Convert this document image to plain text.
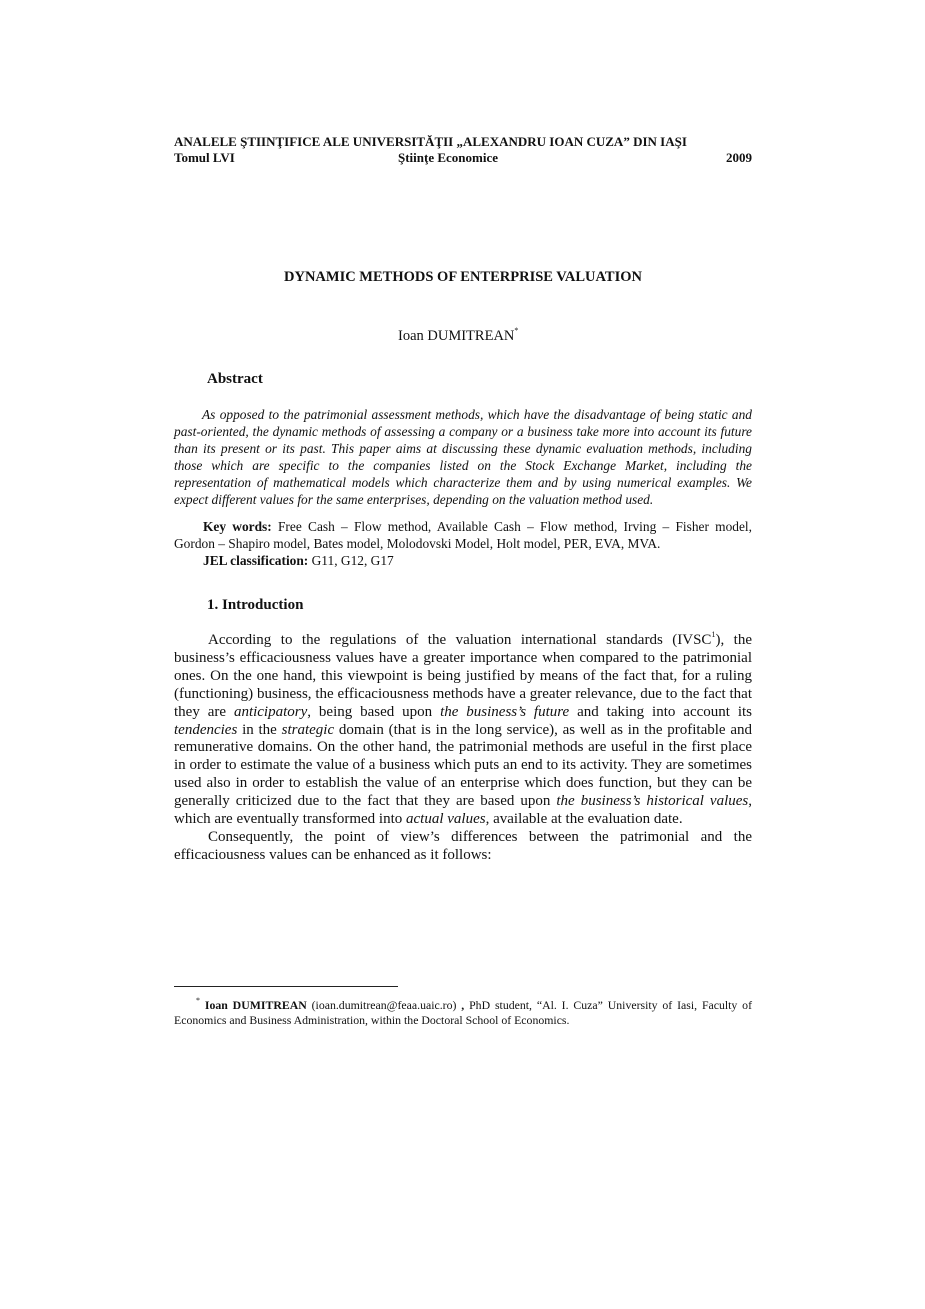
ANALELE ŞTIINŢIFICE ALE UNIVERSITĂŢII „ALEXANDRU IOAN CUZA” DIN IAŞI
Tomul LVI	Ştiinţe Economice	2009
DYNAMIC METHODS OF ENTERPRISE VALUATION
Ioan DUMITREAN*
Abstract
As opposed to the patrimonial assessment methods, which have the disadvantage of being static and past-oriented, the dynamic methods of assessing a company or a business take more into account its future than its present or its past. This paper aims at discussing these dynamic evaluation methods, including those which are specific to the companies listed on the Stock Exchange Market, including the representation of mathematical models which characterize them and by using numerical examples. We expect different values for the same enterprises, depending on the valuation method used.

Key words: Free Cash – Flow method, Available Cash – Flow method, Irving – Fisher model, Gordon – Shapiro model, Bates model, Molodovski Model, Holt model, PER, EVA, MVA.

JEL classification: G11, G12, G17

1. Introduction

According to the regulations of the valuation international standards (IVSC$^1$), the business’s efficaciousness values have a greater importance when compared to the patrimonial ones. On the one hand, this viewpoint is being justified by means of the fact that, for a ruling (functioning) business, the efficaciousness methods have a greater relevance, due to the fact that they are anticipatory, being based upon the business’s future and taking into account its tendencies in the strategic domain (that is in the long service), as well as in the profitable and remunerative domains. On the other hand, the patrimonial methods are useful in the first place in order to estimate the value of a business which puts an end to its activity. They are sometimes used also in order to establish the value of an enterprise which does function, but they can be generally criticized due to the fact that they are based upon the business’s historical values, which are eventually transformed into actual values, available at the evaluation date.

Consequently, the point of view’s differences between the patrimonial and the efficaciousness values can be enhanced as it follows:

* Ioan DUMITREAN (ioan.dumitrean@feaa.uaic.ro) , PhD student, “Al. I. Cuza” University of Iasi, Faculty of Economics and Business Administration, within the Doctoral School of Economics.
